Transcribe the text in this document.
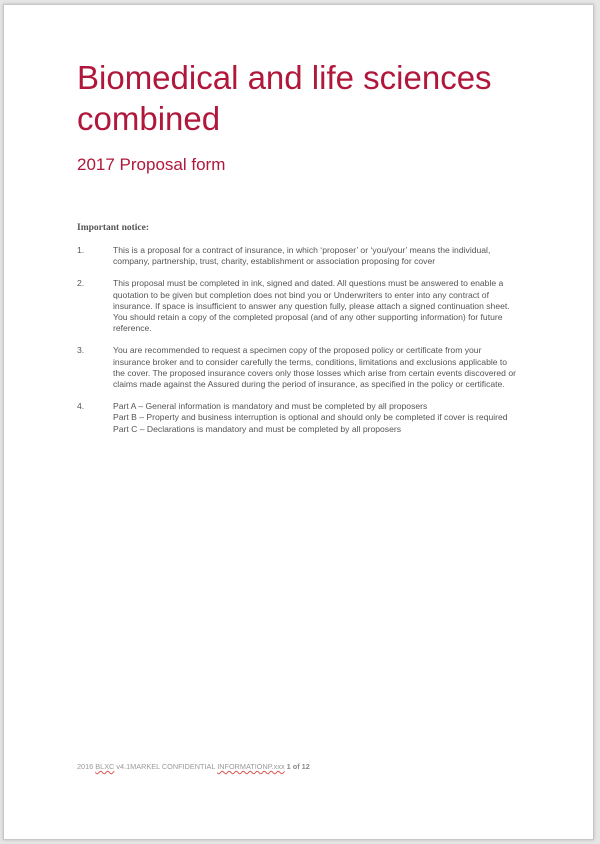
Biomedical and life sciences combined
2017 Proposal form

Important notice:

1.	This is a proposal for a contract of insurance, in which ‘proposer’ or ‘you/your’ means the individual,
company, partnership, trust, charity, establishment or association proposing for cover
2.	This proposal must be completed in ink, signed and dated. All questions must be answered to enable a
quotation to be given but completion does not bind you or Underwriters to enter into any contract of
insurance. If space is insufficient to answer any question fully, please attach a signed continuation sheet.
You should retain a copy of the completed proposal (and of any other supporting information) for future
reference.
3.	You are recommended to request a specimen copy of the proposed policy or certificate from your
insurance broker and to consider carefully the terms, conditions, limitations and exclusions applicable to
the cover. The proposed insurance covers only those losses which arise from certain events discovered or
claims made against the Assured during the period of insurance, as specified in the policy or certificate.
4.	Part A – General information is mandatory and must be completed by all proposers
Part B – Property and business interruption is optional and should only be completed if cover is required
Part C – Declarations is mandatory and must be completed by all proposers
2016 BLXC v4.1MARKEL CONFIDENTIAL INFORMATIONP.xxx 1 of 12
